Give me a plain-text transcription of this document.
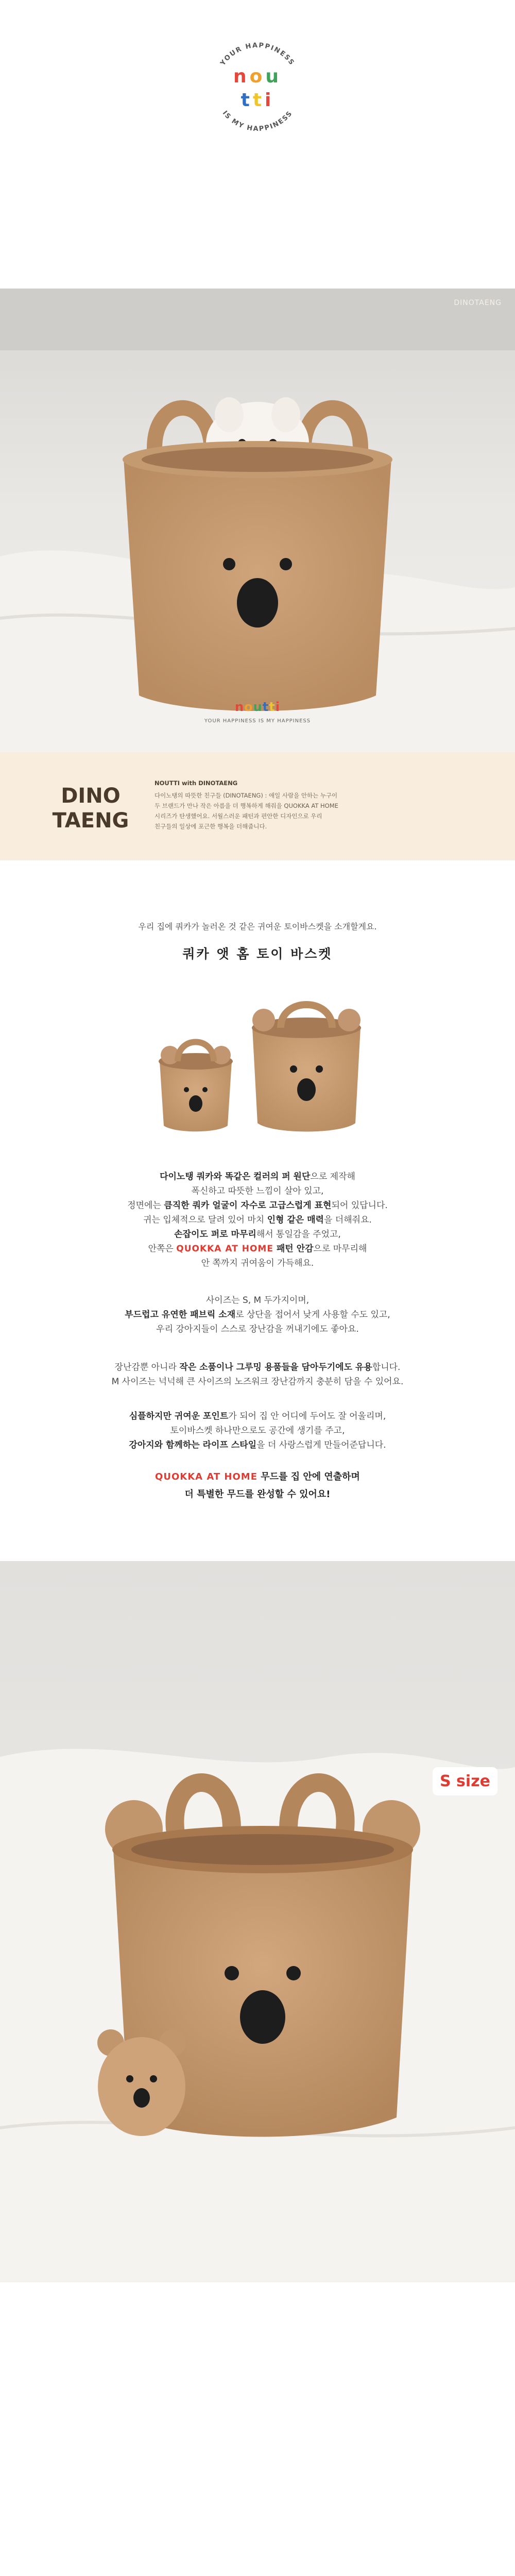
YOUR HAPPINESS
IS MY HAPPINESS
nou
tti
DINOTAENG
noutti
YOUR HAPPINESS IS MY HAPPINESS
DINO
TAENG
NOUTTI with DINOTAENG
다이노탱의 따뜻한 친구들 (DINOTAENG) : 애일 사람을 안하는 누구이
두 브랜드가 만나 작은 아름을 더 행복하게 해줘을 QUOKKA AT HOME
시리즈가 탄생했어요. 서월스러운 패턴과 편안한 디자인으로 우리
친구들의 일상에 포근한 행복을 더해줍니다.
우리 집에 쿼카가 놀러온 것 같은 귀여운 토이바스켓을 소개할게요.
쿼카 앳 홈 토이 바스켓

다이노탱 쿼카와 똑같은 컬러의 퍼 원단으로 제작해

폭신하고 따뜻한 느낌이 살아 있고,

정면에는 큼직한 쿼카 얼굴이 자수로 고급스럽게 표현되어 있답니다.

귀는 입체적으로 달려 있어 마치 인형 같은 매력을 더해줘요.

손잡이도 퍼로 마무리해서 통일감을 주었고,

안쪽은 QUOKKA AT HOME 패턴 안감으로 마무리해

안 쪽까지 귀여움이 가득해요.

사이즈는 S, M 두가지이며,

부드럽고 유연한 패브릭 소재로 상단을 접어서 낮게 사용할 수도 있고,

우리 강아지들이 스스로 장난감을 꺼내기에도 좋아요.

장난감뿐 아니라 작은 소품이나 그루밍 용품들을 담아두기에도 유용합니다.

M 사이즈는 넉넉해 큰 사이즈의 노즈워크 장난감까지 충분히 담을 수 있어요.

심플하지만 귀여운 포인트가 되어 집 안 어디에 두어도 잘 어울리며,

토이바스켓 하나만으로도 공간에 생기를 주고,

강아지와 함께하는 라이프 스타일을 더 사랑스럽게 만들어준답니다.

QUOKKA AT HOME 무드를 집 안에 연출하며

더 특별한 무드를 완성할 수 있어요!

S size
